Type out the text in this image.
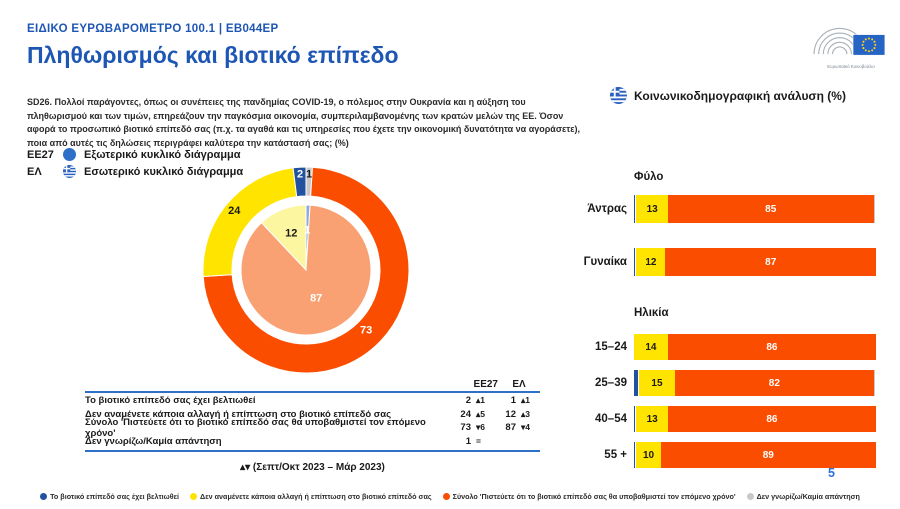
ΕΙΔΙΚΟ ΕΥΡΩΒΑΡΟΜΕΤΡΟ 100.1 | EB044EP
Ευρωπαϊκό Κοινοβούλιο
Πληθωρισμός και βιοτικό επίπεδο

SD26. Πολλοί παράγοντες, όπως οι συνέπειες της πανδημίας COVID-19, ο πόλεμος στην Ουκρανία και η αύξηση του πληθωρισμού και των τιμών, επηρεάζουν την παγκόσμια οικονομία, συμπεριλαμβανομένης των κρατών μελών της ΕΕ. Όσον αφορά το προσωπικό βιοτικό επίπεδό σας (π.χ. τα αγαθά και τις υπηρεσίες που έχετε την οικονομική δυνατότητα να αγοράσετε), ποια από αυτές τις δηλώσεις περιγράφει καλύτερα την κατάστασή σας; (%)

EE27	Εξωτερικό κυκλικό διάγραμμα
ΕΛ	Εσωτερικό κυκλικό διάγραμμα	1
73
24
2
1
87
12
EE27	ΕΛ
Το βιοτικό επίπεδό σας έχει βελτιωθεί	2 ▴1	1 ▴1
Δεν αναμένετε κάποια αλλαγή ή επίπτωση στο βιοτικό επίπεδό σας	24 ▴5	12 ▴3
Σύνολο 'Πιστεύετε ότι το βιοτικό επίπεδό σας θα υποβαθμιστεί τον επόμενο χρόνο'	73 ▾6	87 ▾4
Δεν γνωρίζω/Καμία απάντηση	1 =
▴▾ (Σεπτ/Οκτ 2023 – Μάρ 2023)
Κοινωνικοδημογραφική ανάλυση (%)
Φύλο
Άντρας	13	85
Γυναίκα	12	87
Ηλικία
15–24	14	86
25–39	15	82
40–54	13	86
55 +	10	89
Το βιοτικό επίπεδό σας έχει βελτιωθεί	Δεν αναμένετε κάποια αλλαγή ή επίπτωση στο βιοτικό επίπεδό σας	Σύνολο 'Πιστεύετε ότι το βιοτικό επίπεδό σας θα υποβαθμιστεί τον επόμενο χρόνο'	Δεν γνωρίζω/Καμία απάντηση
5
